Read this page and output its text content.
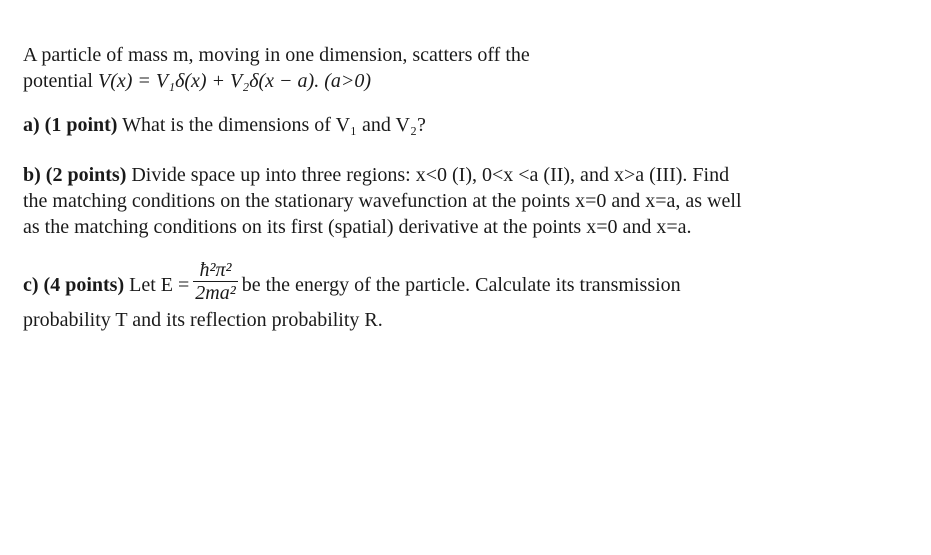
A particle of mass m, moving in one dimension, scatters off the
potential V(x) = V₁δ(x) + V₂δ(x − a). (a>0)

a) (1 point) What is the dimensions of V₁ and V₂?

b) (2 points) Divide space up into three regions: x<0 (I), 0<x <a (II), and x>a (III). Find
the matching conditions on the stationary wavefunction at the points x=0 and x=a, as well
as the matching conditions on its first (spatial) derivative at the points x=0 and x=a.

c) (4 points)
Let $E = \frac{\text{ħ²π²}}{\text{2ma²}}$ be the energy of the particle. Calculate its transmission
probability T and its reflection probability R.
